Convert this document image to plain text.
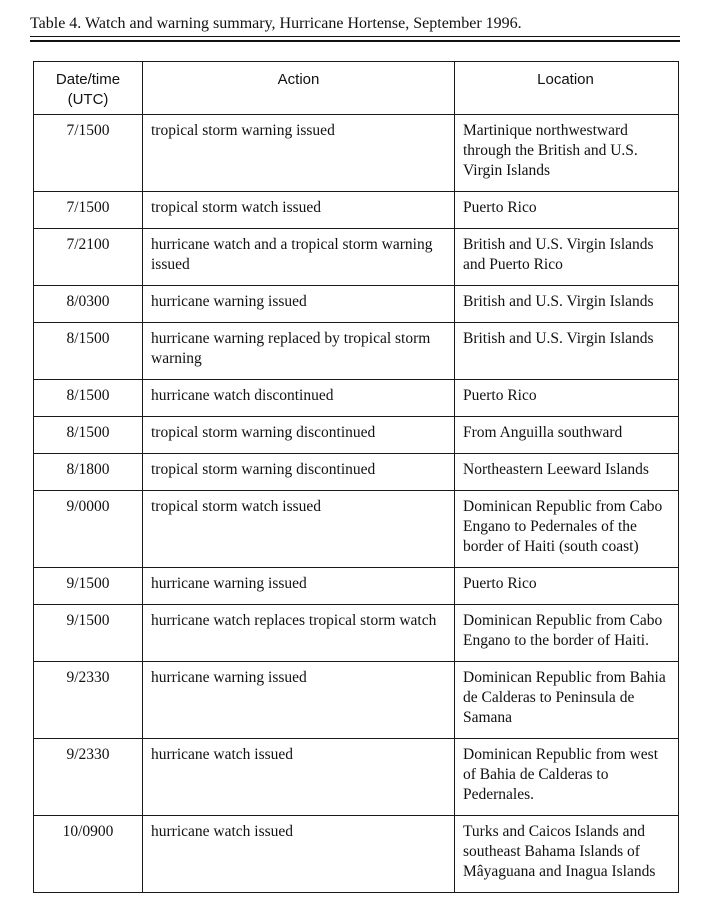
Table 4. Watch and warning summary, Hurricane Hortense, September 1996.
Date/time (UTC)	Action	Location
7/1500	tropical storm warning issued	Martinique northwestward through the British and U.S. Virgin Islands
7/1500	tropical storm watch issued	Puerto Rico
7/2100	hurricane watch and a tropical storm warning issued	British and U.S. Virgin Islands and Puerto Rico
8/0300	hurricane warning issued	British and U.S. Virgin Islands
8/1500	hurricane warning replaced by tropical storm warning	British and U.S. Virgin Islands
8/1500	hurricane watch discontinued	Puerto Rico
8/1500	tropical storm warning discontinued	From Anguilla southward
8/1800	tropical storm warning discontinued	Northeastern Leeward Islands
9/0000	tropical storm watch issued	Dominican Republic from Cabo Engano to Pedernales of the border of Haiti (south coast)
9/1500	hurricane warning issued	Puerto Rico
9/1500	hurricane watch replaces tropical storm watch	Dominican Republic from Cabo Engano to the border of Haiti.
9/2330	hurricane warning issued	Dominican Republic from Bahia de Calderas to Peninsula de Samana
9/2330	hurricane watch issued	Dominican Republic from west of Bahia de Calderas to Pedernales.
10/0900	hurricane watch issued	Turks and Caicos Islands and southeast Bahama Islands of Mâyaguana and Inagua Islands
